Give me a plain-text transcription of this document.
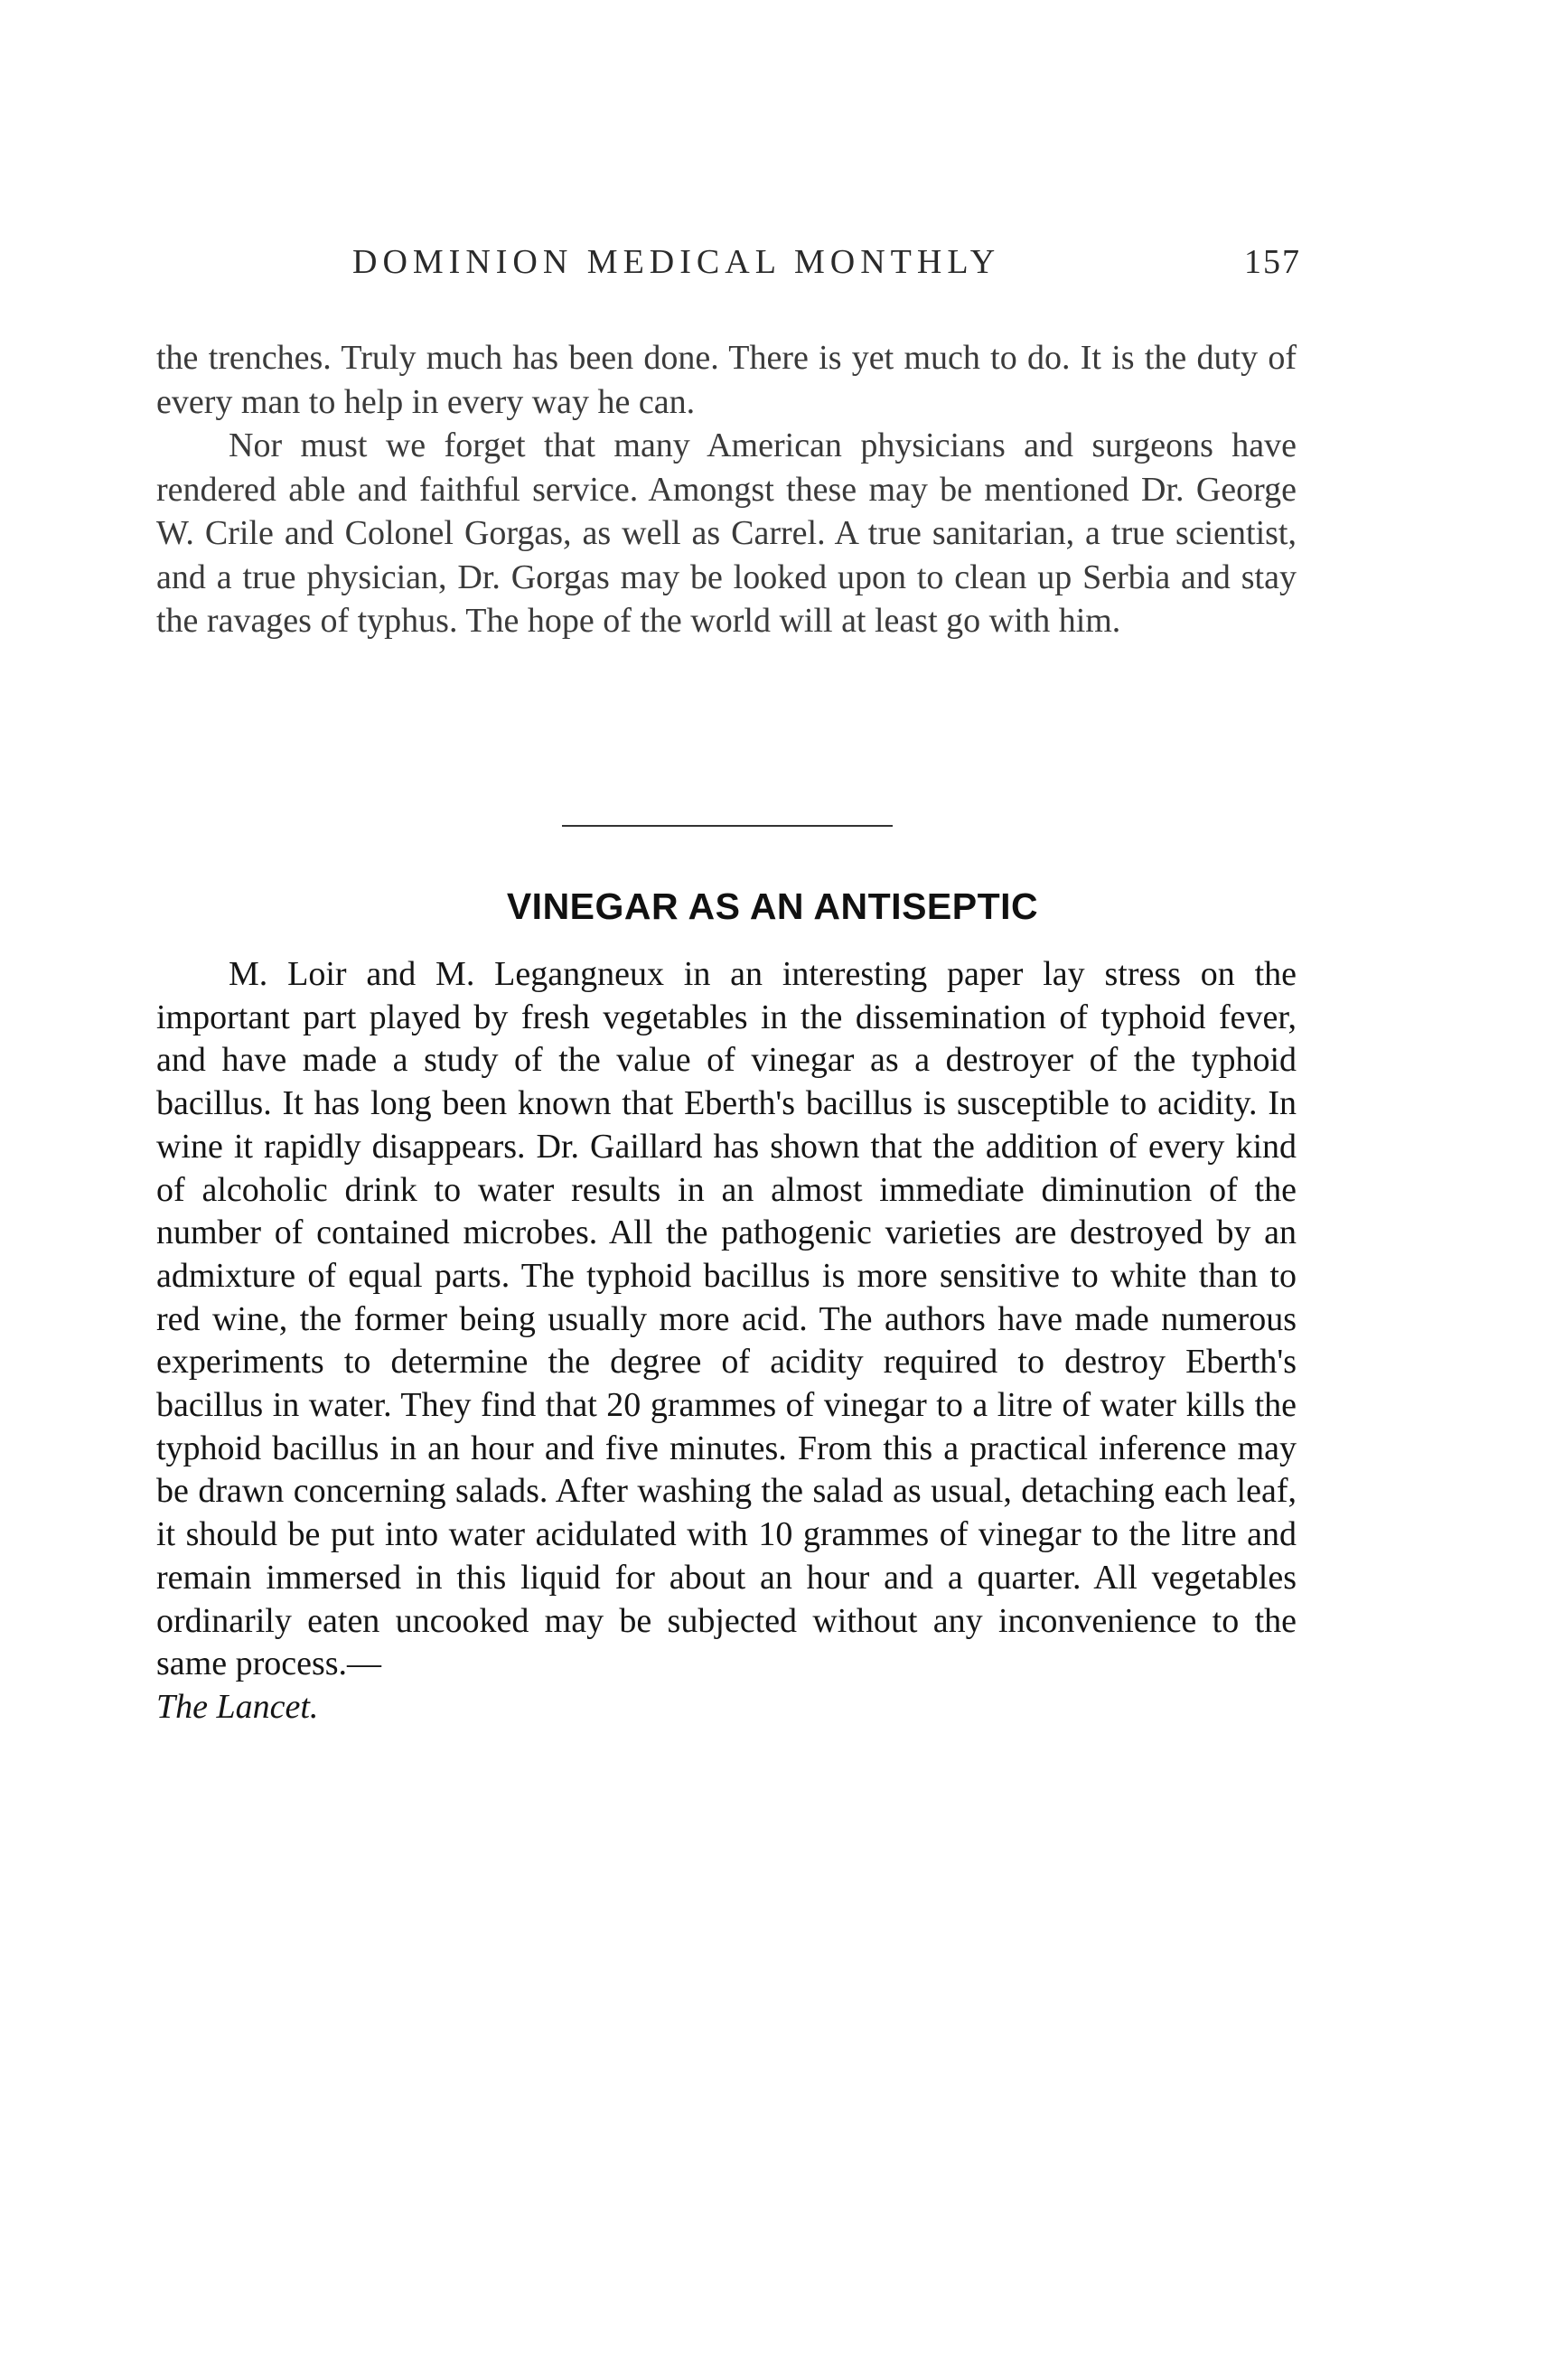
DOMINION MEDICAL MONTHLY	157

the trenches. Truly much has been done. There is yet much to do. It is the duty of every man to help in every way he can.

Nor must we forget that many American physicians and surgeons have rendered able and faithful service. Amongst these may be mentioned Dr. George W. Crile and Colonel Gorgas, as well as Carrel. A true sanitarian, a true scientist, and a true physician, Dr. Gorgas may be looked upon to clean up Serbia and stay the ravages of typhus. The hope of the world will at least go with him.

VINEGAR AS AN ANTISEPTIC

M. Loir and M. Legangneux in an interesting paper lay stress on the important part played by fresh vegetables in the dissemination of typhoid fever, and have made a study of the value of vinegar as a destroyer of the typhoid bacillus. It has long been known that Eberth's bacillus is susceptible to acidity. In wine it rapidly disappears. Dr. Gaillard has shown that the addition of every kind of alcoholic drink to water results in an almost immediate diminution of the number of contained microbes. All the pathogenic varieties are destroyed by an admixture of equal parts. The typhoid bacillus is more sensitive to white than to red wine, the former being usually more acid. The authors have made numerous experiments to determine the degree of acidity required to destroy Eberth's bacillus in water. They find that 20 grammes of vinegar to a litre of water kills the typhoid bacillus in an hour and five minutes. From this a practical inference may be drawn concerning salads. After washing the salad as usual, detaching each leaf, it should be put into water acidulated with 10 grammes of vinegar to the litre and remain immersed in this liquid for about an hour and a quarter. All vegetables ordinarily eaten uncooked may be subjected without any inconvenience to the same process.—
The Lancet.
